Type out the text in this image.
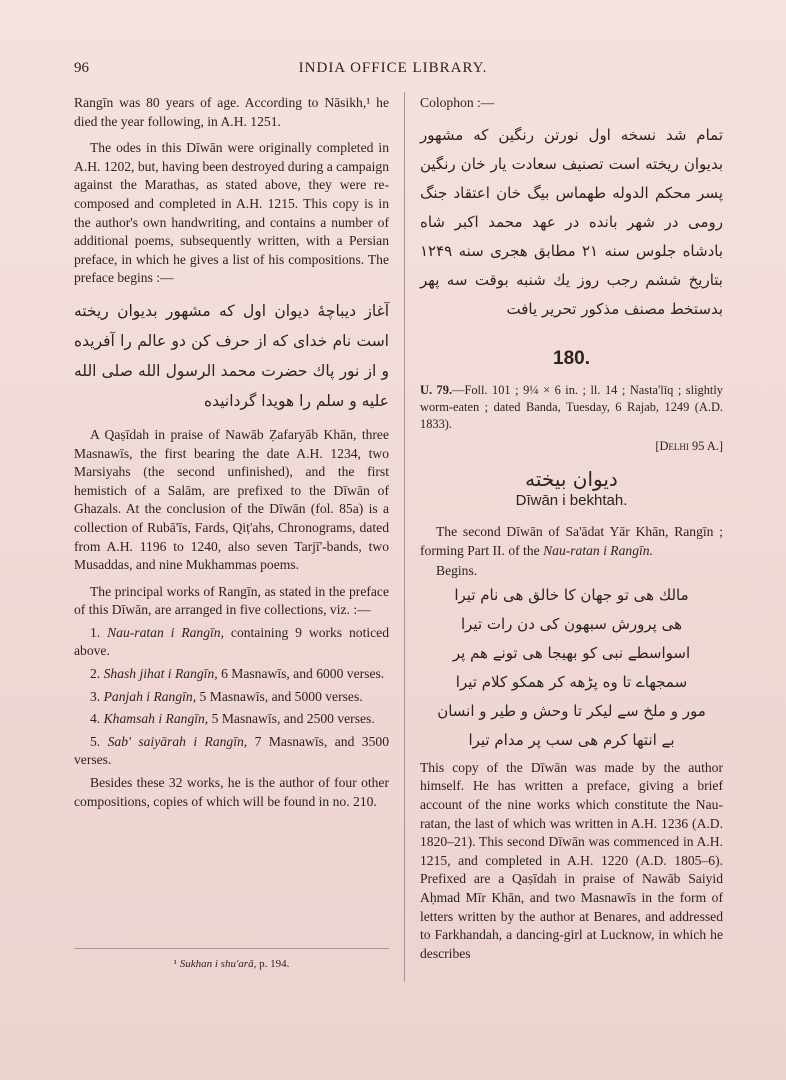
96	INDIA OFFICE LIBRARY.

Rangīn was 80 years of age. According to Nāsikh,¹ he died the year following, in A.H. 1251.

The odes in this Dīwān were originally completed in A.H. 1202, but, having been destroyed during a campaign against the Marathas, as stated above, they were re-composed and completed in A.H. 1215. This copy is in the author's own handwriting, and contains a number of additional poems, subsequently written, with a Persian preface, in which he gives a list of his compositions. The preface begins :—

آغاز دیباچهٔ دیوان اول که مشهور بدیوان ریخته است نام خدای که از حرف کن دو عالم را آفریده و از نور پاك حضرت محمد الرسول الله صلی الله علیه و سلم را هویدا گردانیده

A Qaṣīdah in praise of Nawāb Ẓafaryāb Khān, three Masnawīs, the first bearing the date A.H. 1234, two Marsiyahs (the second unfinished), and the first hemistich of a Salām, are prefixed to the Dīwān of Ghazals. At the conclusion of the Dīwān (fol. 85a) is a collection of Rubā'īs, Fards, Qiṭ'ahs, Chronograms, dated from A.H. 1196 to 1240, also seven Tarjī'-bands, two Musaddas, and nine Mukhammas poems.

The principal works of Rangīn, as stated in the preface of this Dīwān, are arranged in five collections, viz. :—

1. Nau-ratan i Rangīn, containing 9 works noticed above.

2. Shash jihat i Rangīn, 6 Masnawīs, and 6000 verses.

3. Panjah i Rangīn, 5 Masnawīs, and 5000 verses.

4. Khamsah i Rangīn, 5 Masnawīs, and 2500 verses.

5. Sab' saiyārah i Rangīn, 7 Masnawīs, and 3500 verses.

Besides these 32 works, he is the author of four other compositions, copies of which will be found in no. 210.

¹ Sukhan i shu'arā, p. 194.

Colophon :—

تمام شد نسخه اول نورتن رنگین که مشهور بدیوان ریخته است تصنیف سعادت یار خان رنگین پسر محکم الدوله طهماس بیگ خان اعتقاد جنگ رومی در شهر بانده در عهد محمد اکبر شاه بادشاه جلوس سنه ۲۱ مطابق هجری سنه ۱۲۴۹ بتاریخ ششم رجب روز یك شنبه بوقت سه پهر بدستخط مصنف مذکور تحریر یافت

180.

U. 79.—Foll. 101 ; 9¼ × 6 in. ; ll. 14 ; Nasta'līq ; slightly worm-eaten ; dated Banda, Tuesday, 6 Rajab, 1249 (A.D. 1833).

[Delhi 95 A.]
دیوان بیخته
Dīwān i bekhtah.

The second Dīwān of Sa'ādat Yār Khān, Rangīn ; forming Part II. of the Nau-ratan i Rangīn.

Begins.

مالك هی تو جهان کا خالق هی نام تیرا
هی پرورش سبهون کی دن رات تیرا
اسواسطے نبی کو بهیجا هی تونے هم پر
سمجهاے تا وه پڑهه کر همکو کلام تیرا
مور و ملخ سے لیکر تا وحش و طیر و انسان
بے انتها کرم هی سب پر مدام تیرا

This copy of the Dīwān was made by the author himself. He has written a preface, giving a brief account of the nine works which constitute the Nau-ratan, the last of which was written in A.H. 1236 (A.D. 1820–21). This second Dīwān was commenced in A.H. 1215, and completed in A.H. 1220 (A.D. 1805–6). Prefixed are a Qaṣīdah in praise of Nawāb Saiyid Aḥmad Mīr Khān, and two Masnawīs in the form of letters written by the author at Benares, and addressed to Farkhandah, a dancing-girl at Lucknow, in which he describes
